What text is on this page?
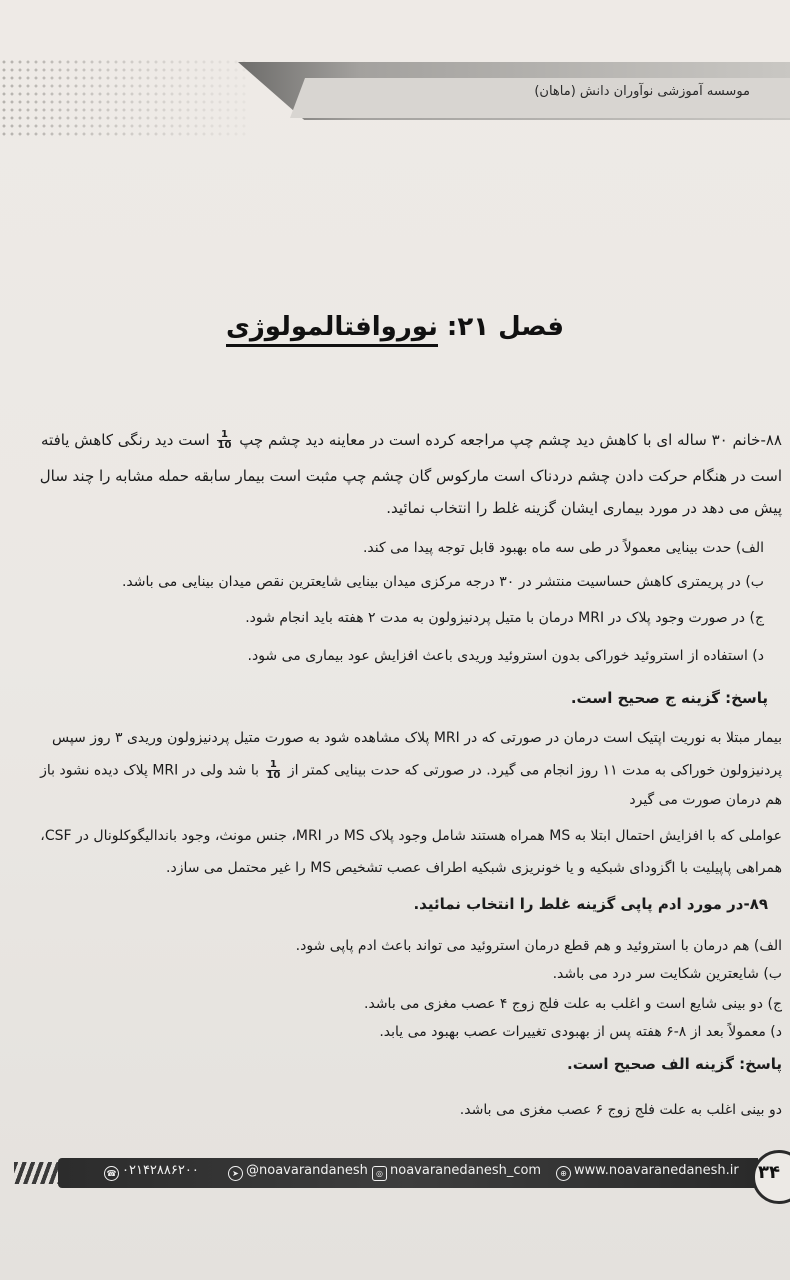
موسسه آموزشی نوآوران دانش (ماهان)
فصل ۲۱: نوروافتالمولوژی
۸۸-خانم ۳۰ ساله ای با کاهش دید چشم چپ مراجعه کرده است در معاینه دید چشم چپ
$\frac{1}{10}$
است دید رنگی کاهش یافته
است در هنگام حرکت دادن چشم دردناک است مارکوس گان چشم چپ مثبت است بیمار سابقه حمله مشابه را چند سال
پیش می دهد در مورد بیماری ایشان گزینه غلط را انتخاب نمائید.
الف) حدت بینایی معمولاً در طی سه ماه بهبود قابل توجه پیدا می کند.
ب) در پریمتری کاهش حساسیت منتشر در ۳۰ درجه مرکزی میدان بینایی شایعترین نقص میدان بینایی می باشد.
ج) در صورت وجود پلاک در MRI درمان با متیل پردنیزولون به مدت ۲ هفته باید انجام شود.
د) استفاده از استروئید خوراکی بدون استروئید وریدی باعث افزایش عود بیماری می شود.
پاسخ: گزینه ج صحیح است.
بیمار مبتلا به نوریت اپتیک است درمان در صورتی که در MRI پلاک مشاهده شود به صورت متیل پردنیزولون وریدی ۳ روز سپس
پردنیزولون خوراکی به مدت ۱۱ روز انجام می گیرد. در صورتی که حدت بینایی کمتر از
$\frac{1}{10}$
با شد ولی در MRI پلاک دیده نشود باز
هم درمان صورت می گیرد
عواملی که با افزایش احتمال ابتلا به MS همراه هستند شامل وجود پلاک MS در MRI، جنس مونث، وجود باندالیگوکلونال در CSF،
همراهی پاپیلیت با اگزودای شبکیه و یا خونریزی شبکیه اطراف عصب تشخیص MS را غیر محتمل می سازد.
۸۹-در مورد ادم پاپی گزینه غلط را انتخاب نمائید.
الف) هم درمان با استروئید و هم قطع درمان استروئید می تواند باعث ادم پاپی شود.
ب) شایعترین شکایت سر درد می باشد.
ج) دو بینی شایع است و اغلب به علت فلج زوج ۴ عصب مغزی می باشد.
د) معمولاً بعد از ۸-۶ هفته پس از بهبودی تغییرات عصب بهبود می یابد.
پاسخ: گزینه الف صحیح است.
دو بینی اغلب به علت فلج زوج ۶ عصب مغزی می باشد.
☎ ۰۲۱۴۲۸۸۶۲۰۰	➤ @noavarandanesh	◎ noavaranedanesh_com	⊕ www.noavaranedanesh.ir ۳۴
